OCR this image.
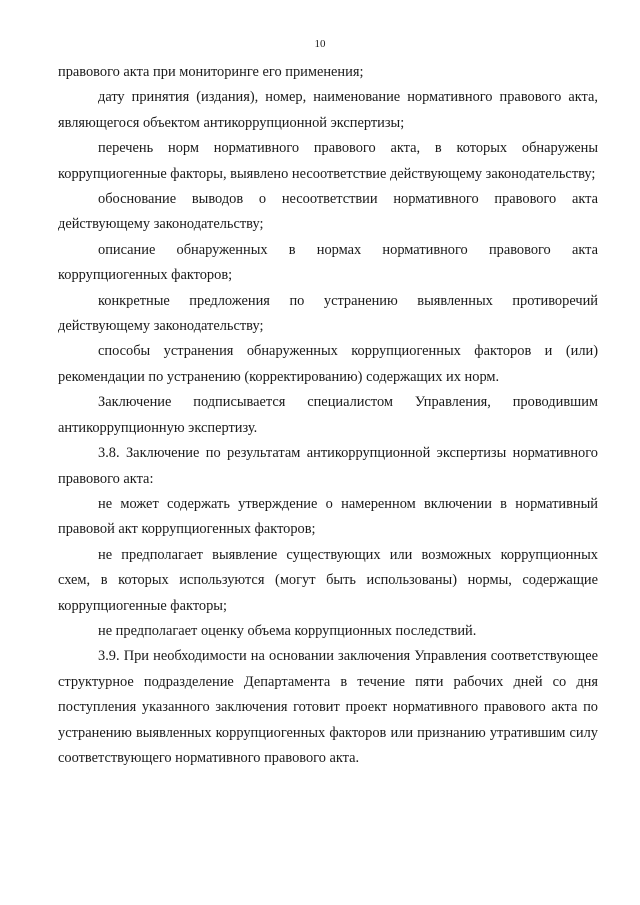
10

правового акта при мониторинге его применения;

дату принятия (издания), номер, наименование нормативного правового акта, являющегося объектом антикоррупционной экспертизы;

перечень норм нормативного правового акта, в которых обнаружены коррупциогенные факторы, выявлено несоответствие действующему законодательству;

обоснование выводов о несоответствии нормативного правового акта действующему законодательству;

описание обнаруженных в нормах нормативного правового акта коррупциогенных факторов;

конкретные предложения по устранению выявленных противоречий действующему законодательству;

способы устранения обнаруженных коррупциогенных факторов и (или) рекомендации по устранению (корректированию) содержащих их норм.

Заключение подписывается специалистом Управления, проводившим антикоррупционную экспертизу.

3.8. Заключение по результатам антикоррупционной экспертизы нормативного правового акта:

не может содержать утверждение о намеренном включении в нормативный правовой акт коррупциогенных факторов;

не предполагает выявление существующих или возможных коррупционных схем, в которых используются (могут быть использованы) нормы, содержащие коррупциогенные факторы;

не предполагает оценку объема коррупционных последствий.

3.9. При необходимости на основании заключения Управления соответствующее структурное подразделение Департамента в течение пяти рабочих дней со дня поступления указанного заключения готовит проект нормативного правового акта по устранению выявленных коррупциогенных факторов или признанию утратившим силу соответствующего нормативного правового акта.
